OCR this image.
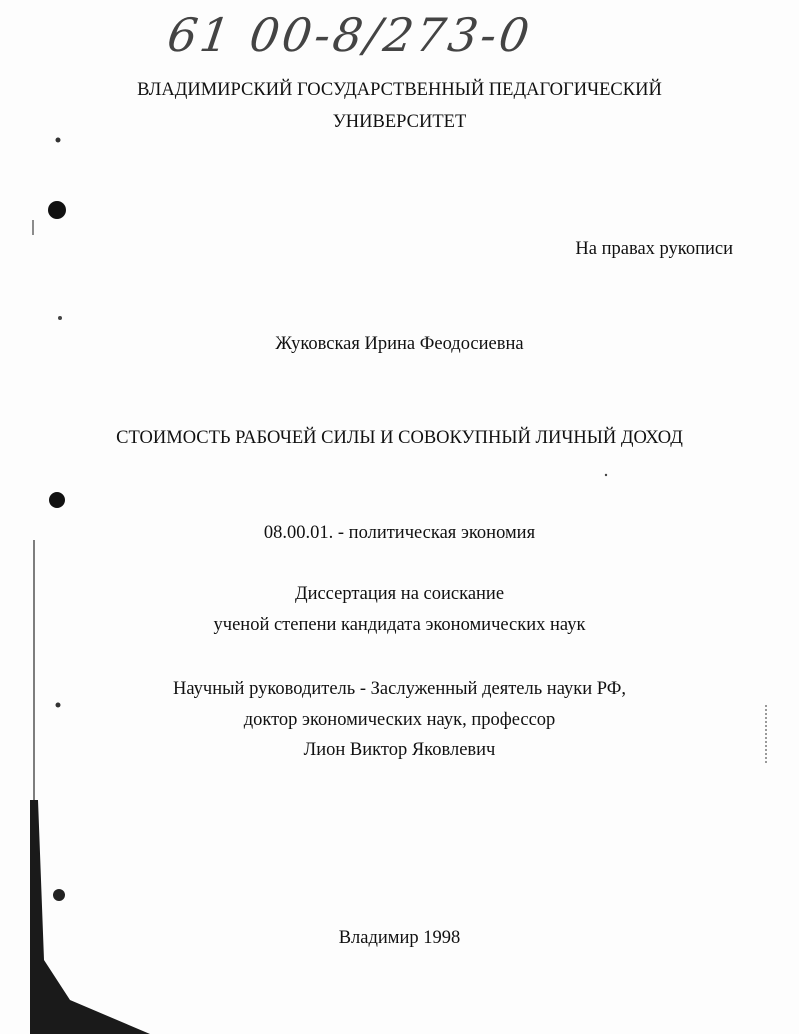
61 00-8/273-0
ВЛАДИМИРСКИЙ ГОСУДАРСТВЕННЫЙ ПЕДАГОГИЧЕСКИЙ
УНИВЕРСИТЕТ
На правах рукописи
Жуковская Ирина Феодосиевна
СТОИМОСТЬ РАБОЧЕЙ СИЛЫ И СОВОКУПНЫЙ ЛИЧНЫЙ ДОХОД
08.00.01. - политическая экономия
Диссертация на соискание
ученой степени кандидата экономических наук
Научный руководитель - Заслуженный деятель науки РФ,
доктор экономических наук, профессор
Лион Виктор Яковлевич
Владимир 1998
